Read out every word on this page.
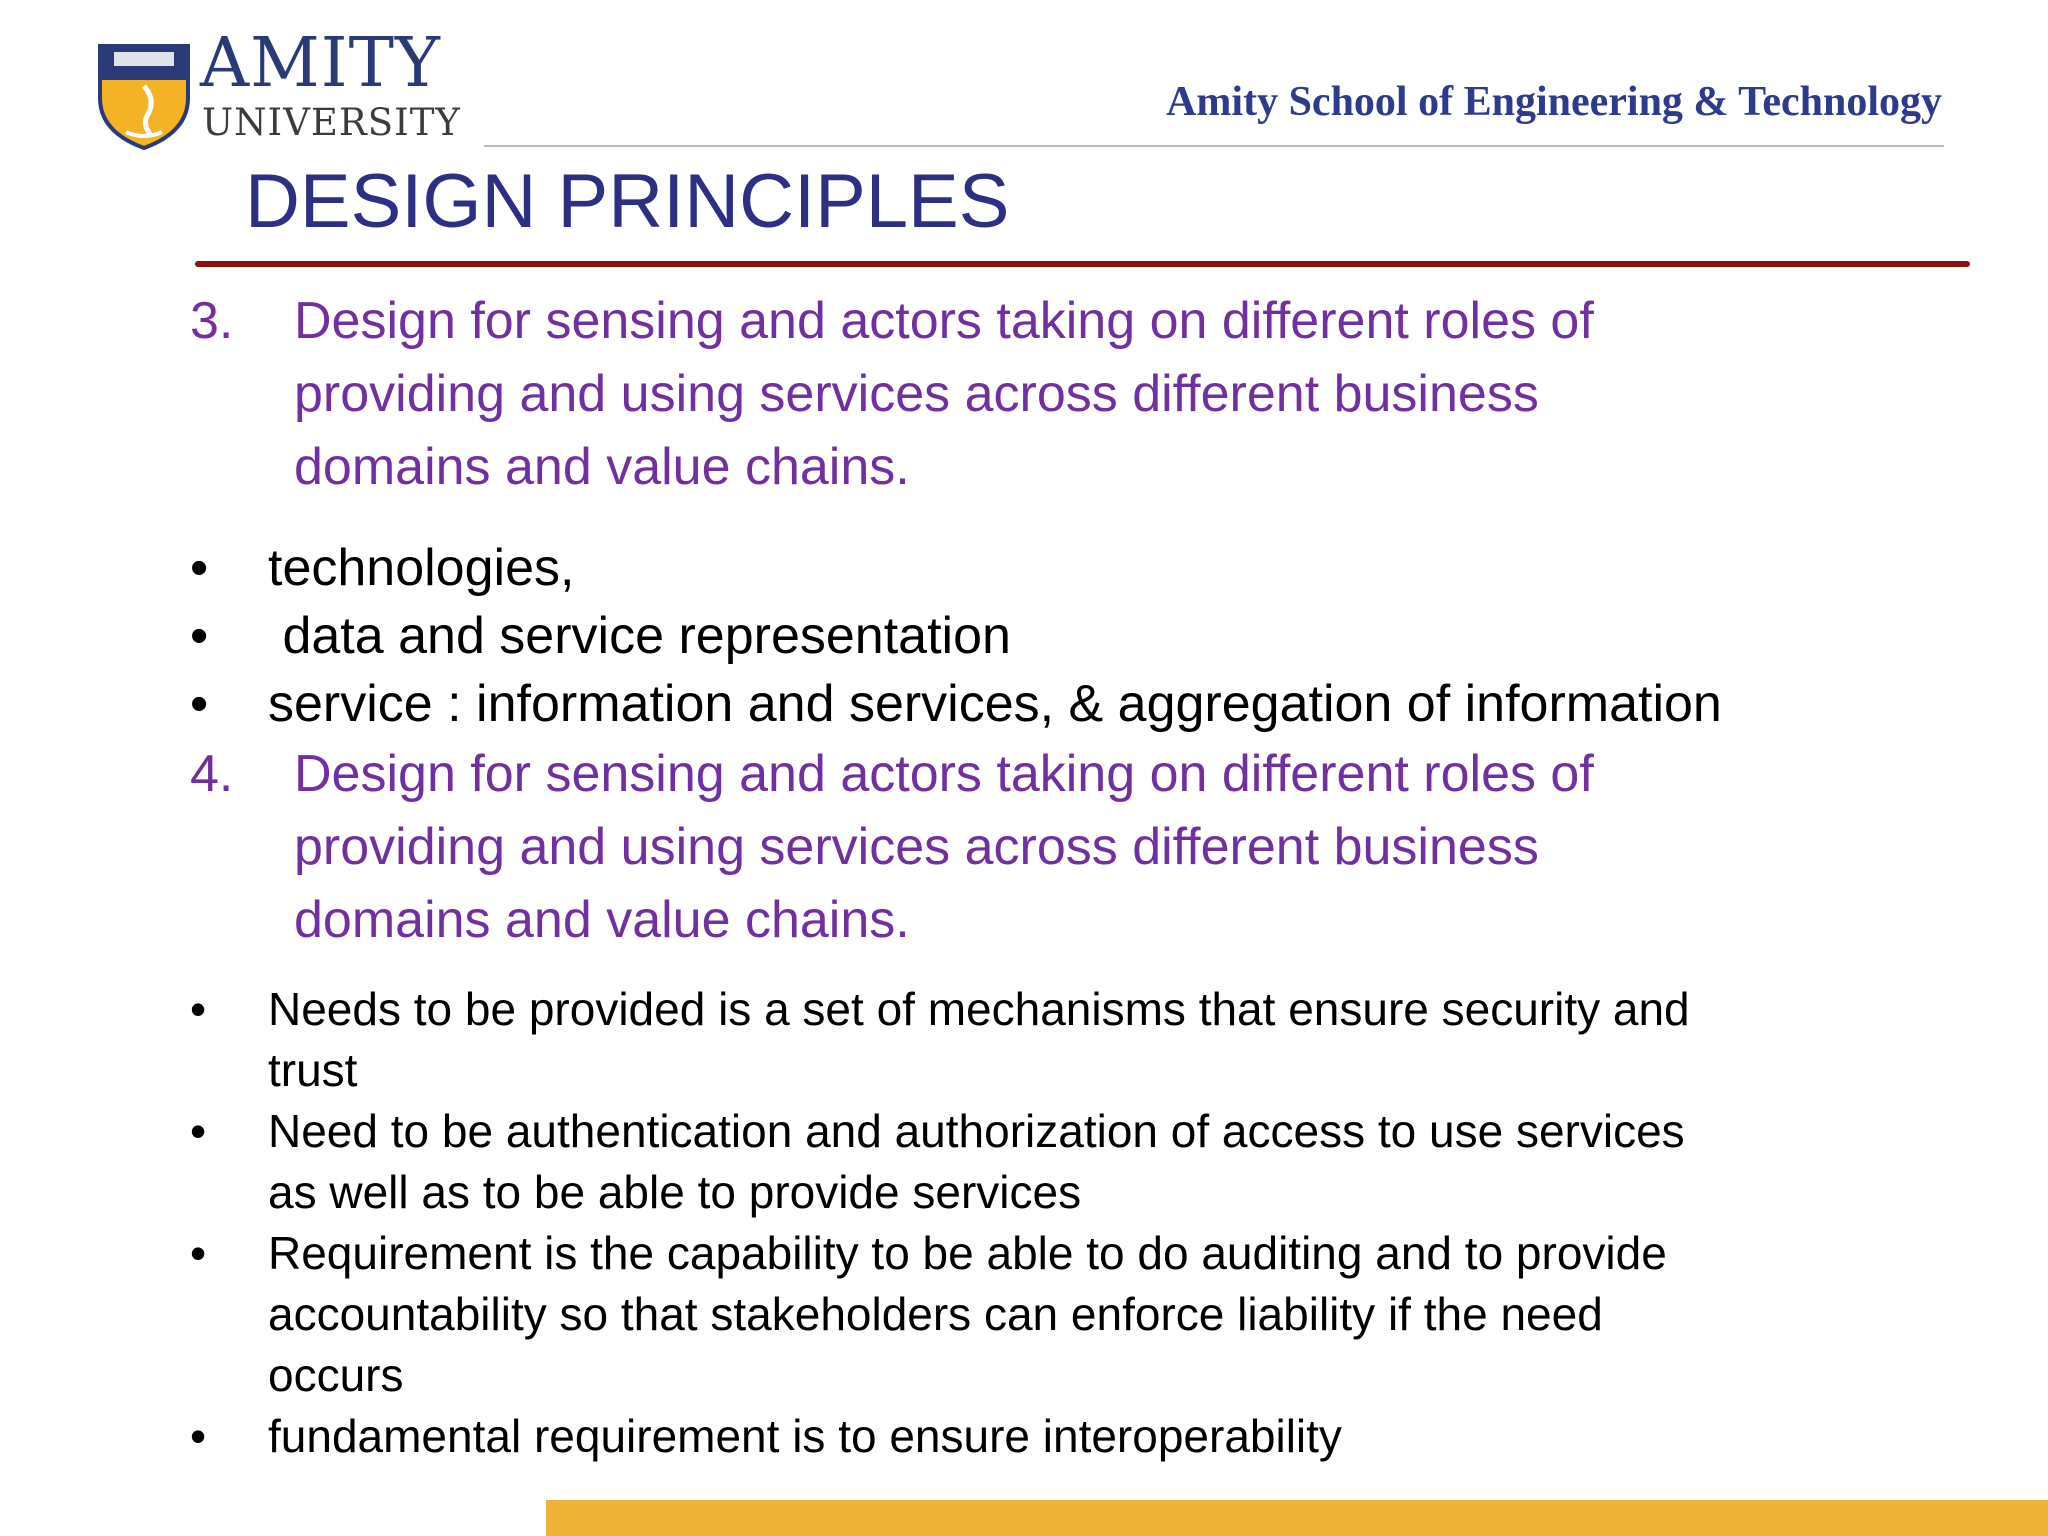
AMITY
UNIVERSITY	Amity School of Engineering & Technology
DESIGN PRINCIPLES
3. Design for sensing and actors taking on different roles of
providing and using services across different business
domains and value chains.
• technologies,
• data and service representation
• service : information and services, & aggregation of information
4. Design for sensing and actors taking on different roles of
providing and using services across different business
domains and value chains.
• Needs to be provided is a set of mechanisms that ensure security and
trust
• Need to be authentication and authorization of access to use services
as well as to be able to provide services
• Requirement is the capability to be able to do auditing and to provide
accountability so that stakeholders can enforce liability if the need
occurs
• fundamental requirement is to ensure interoperability
